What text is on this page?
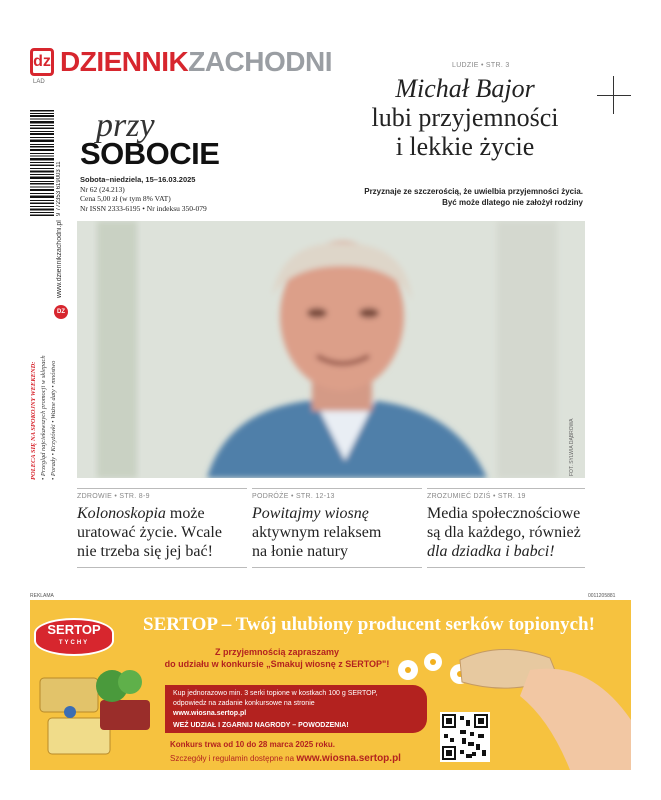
dz DZIENNIKZACHODNI
LAD
przy
SOBOCIE
Sobota–niedziela, 15–16.03.2025
Nr 62 (24.213)
Cena 5,00 zł (w tym 8% VAT)
Nr ISSN 2333-6195 • Nr indeksu 350-079
9 772353 619003 11
www.dziennikzachodni.pl
DZ
POLECA SIĘ NA SPOKOJNY WEEKEND: • Przegląd najciekawszych promocji w sklepach • Porady • Krzyżówki • Ważne daty • mnóstwo
LUDZIE • STR. 3
Michał Bajor
lubi przyjemności
i lekkie życie
Przyznaje ze szczerością, że uwielbia przyjemności życia.
Być może dlatego nie założył rodziny
FOT. SYLWIA DĄBROWA
ZDROWIE • STR. 8-9
Kolonoskopia może
uratować życie. Wcale
nie trzeba się jej bać!
PODRÓŻE • STR. 12-13
Powitajmy wiosnę
aktywnym relaksem
na łonie natury
ZROZUMIEĆ DZIŚ • STR. 19
Media społecznościowe
są dla każdego, również
dla dziadka i babci!
REKLAMA	0011205881
SERTOP
TYCHY
SERTOP – Twój ulubiony producent serków topionych!
Z przyjemnością zapraszamy
do udziału w konkursie „Smakuj wiosnę z SERTOP"!
Kup jednorazowo min. 3 serki topione w kostkach 100 g SERTOP,
odpowiedz na zadanie konkursowe na stronie
www.wiosna.sertop.pl
WEŹ UDZIAŁ I ZGARNIJ NAGRODY – POWODZENIA!
Konkurs trwa od 10 do 28 marca 2025 roku.
Szczegóły i regulamin dostępne na www.wiosna.sertop.pl
